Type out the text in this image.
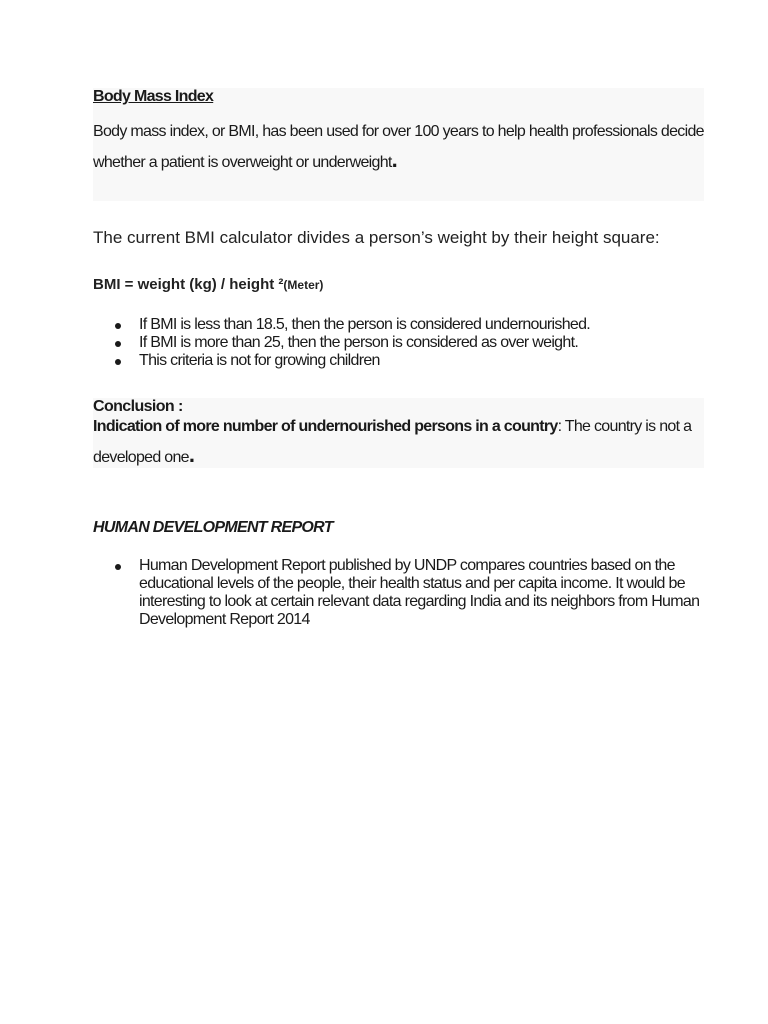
Body Mass Index
Body mass index, or BMI, has been used for over 100 years to help health professionals decide whether a patient is overweight or underweight.
The current BMI calculator divides a person’s weight by their height square:
BMI = weight (kg) / height ²(Meter)
If BMI is less than 18.5, then the person is considered undernourished.
If BMI is more than 25, then the person is considered as over weight.
This criteria is not for growing children
Conclusion :
Indication of more number of undernourished persons in a country: The country is not a developed one.
HUMAN DEVELOPMENT REPORT
Human Development Report published by UNDP compares countries based on the educational levels of the people, their health status and per capita income. It would be interesting to look at certain relevant data regarding India and its neighbors from Human Development Report 2014
